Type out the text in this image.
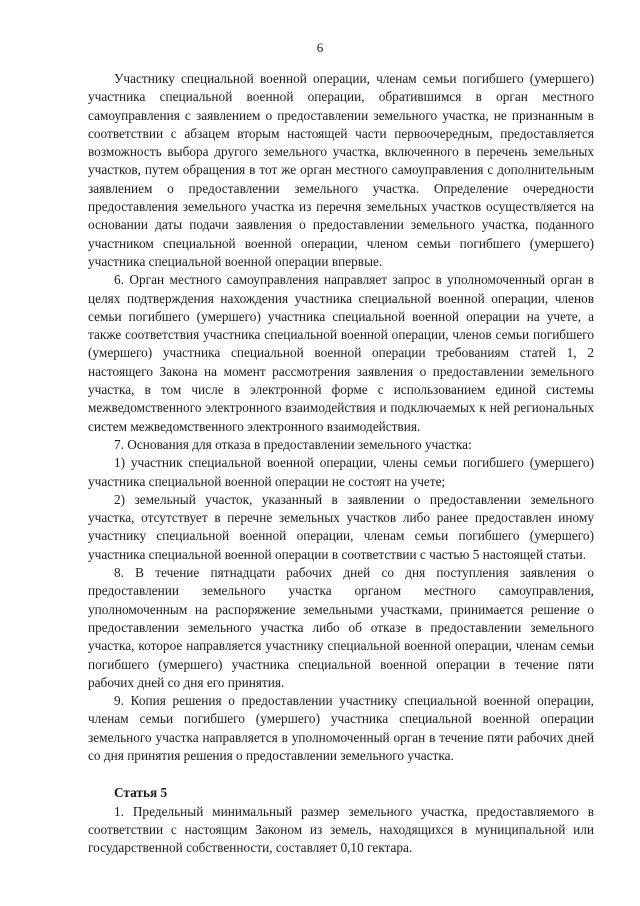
6

Участнику специальной военной операции, членам семьи погибшего (умершего) участника специальной военной операции, обратившимся в орган местного самоуправления с заявлением о предоставлении земельного участка, не признанным в соответствии с абзацем вторым настоящей части первоочередным, предоставляется возможность выбора другого земельного участка, включенного в перечень земельных участков, путем обращения в тот же орган местного самоуправления с дополнительным заявлением о предоставлении земельного участка. Определение очередности предоставления земельного участка из перечня земельных участков осуществляется на основании даты подачи заявления о предоставлении земельного участка, поданного участником специальной военной операции, членом семьи погибшего (умершего) участника специальной военной операции впервые.

6. Орган местного самоуправления направляет запрос в уполномоченный орган в целях подтверждения нахождения участника специальной военной операции, членов семьи погибшего (умершего) участника специальной военной операции на учете, а также соответствия участника специальной военной операции, членов семьи погибшего (умершего) участника специальной военной операции требованиям статей 1, 2 настоящего Закона на момент рассмотрения заявления о предоставлении земельного участка, в том числе в электронной форме с использованием единой системы межведомственного электронного взаимодействия и подключаемых к ней региональных систем межведомственного электронного взаимодействия.

7. Основания для отказа в предоставлении земельного участка:

1) участник специальной военной операции, члены семьи погибшего (умершего) участника специальной военной операции не состоят на учете;

2) земельный участок, указанный в заявлении о предоставлении земельного участка, отсутствует в перечне земельных участков либо ранее предоставлен иному участнику специальной военной операции, членам семьи погибшего (умершего) участника специальной военной операции в соответствии с частью 5 настоящей статьи.

8. В течение пятнадцати рабочих дней со дня поступления заявления о предоставлении земельного участка органом местного самоуправления, уполномоченным на распоряжение земельными участками, принимается решение о предоставлении земельного участка либо об отказе в предоставлении земельного участка, которое направляется участнику специальной военной операции, членам семьи погибшего (умершего) участника специальной военной операции в течение пяти рабочих дней со дня его принятия.

9. Копия решения о предоставлении участнику специальной военной операции, членам семьи погибшего (умершего) участника специальной военной операции земельного участка направляется в уполномоченный орган в течение пяти рабочих дней со дня принятия решения о предоставлении земельного участка.

Статья 5

1. Предельный минимальный размер земельного участка, предоставляемого в соответствии с настоящим Законом из земель, находящихся в муниципальной или государственной собственности, составляет 0,10 гектара.
